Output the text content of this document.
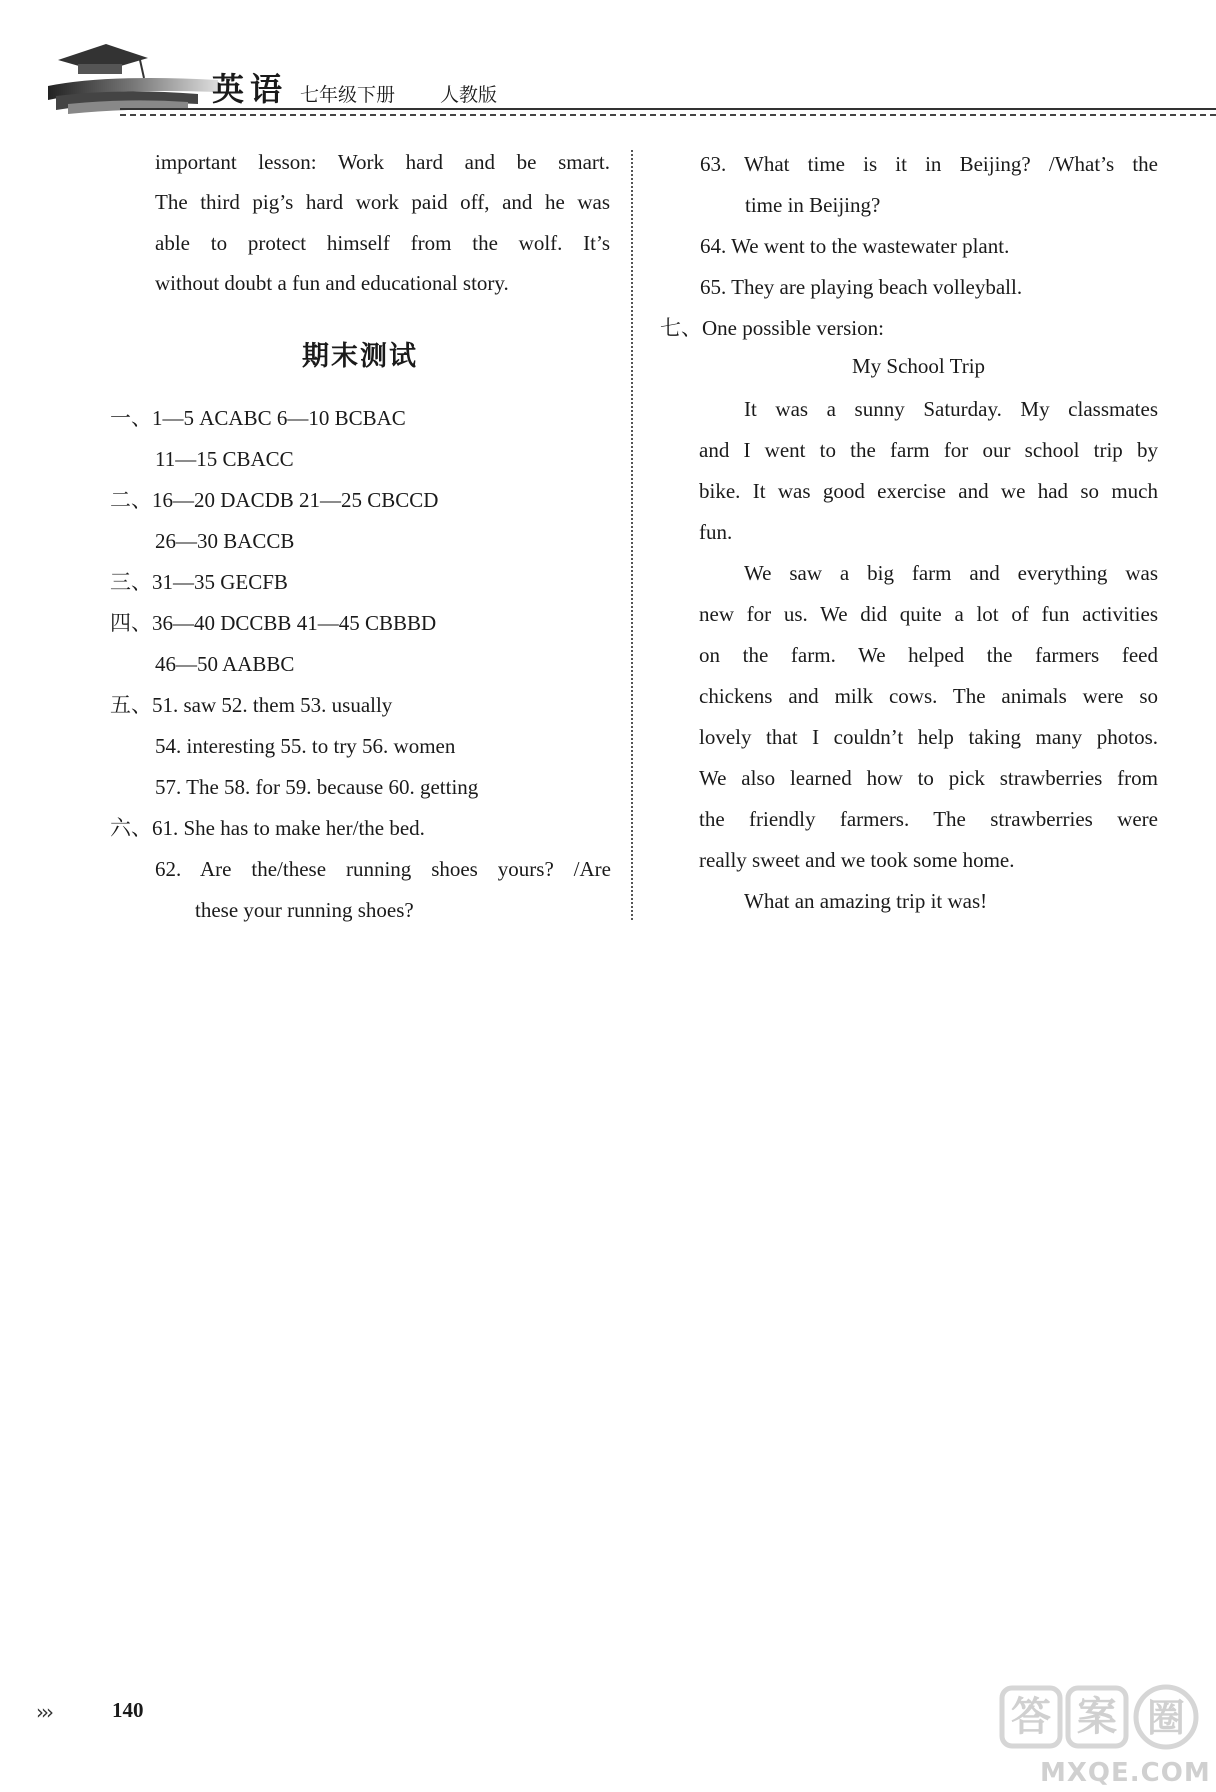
英语 七年级下册 人教版
important lesson: Work hard and be smart.
The third pig’s hard work paid off, and he was
able to protect himself from the wolf. It’s
without doubt a fun and educational story.
期末测试
一、1—5 ACABC 6—10 BCBAC
11—15 CBACC
二、16—20 DACDB 21—25 CBCCD
26—30 BACCB
三、31—35 GECFB
四、36—40 DCCBB 41—45 CBBBD
46—50 AABBC
五、51. saw 52. them 53. usually
54. interesting 55. to try 56. women
57. The 58. for 59. because 60. getting
六、61. She has to make her/the bed.
62. Are the/these running shoes yours? /Are
these your running shoes?
63. What time is it in Beijing? /What’s the
time in Beijing?
64. We went to the wastewater plant.
65. They are playing beach volleyball.
七、One possible version:
My School Trip
It was a sunny Saturday. My classmates
and I went to the farm for our school trip by
bike. It was good exercise and we had so much
fun.
We saw a big farm and everything was
new for us. We did quite a lot of fun activities
on the farm. We helped the farmers feed
chickens and milk cows. The animals were so
lovely that I couldn’t help taking many photos.
We also learned how to pick strawberries from
the friendly farmers. The strawberries were
really sweet and we took some home.
What an amazing trip it was!
›››	140	答 案 圈
MXQE.COM
